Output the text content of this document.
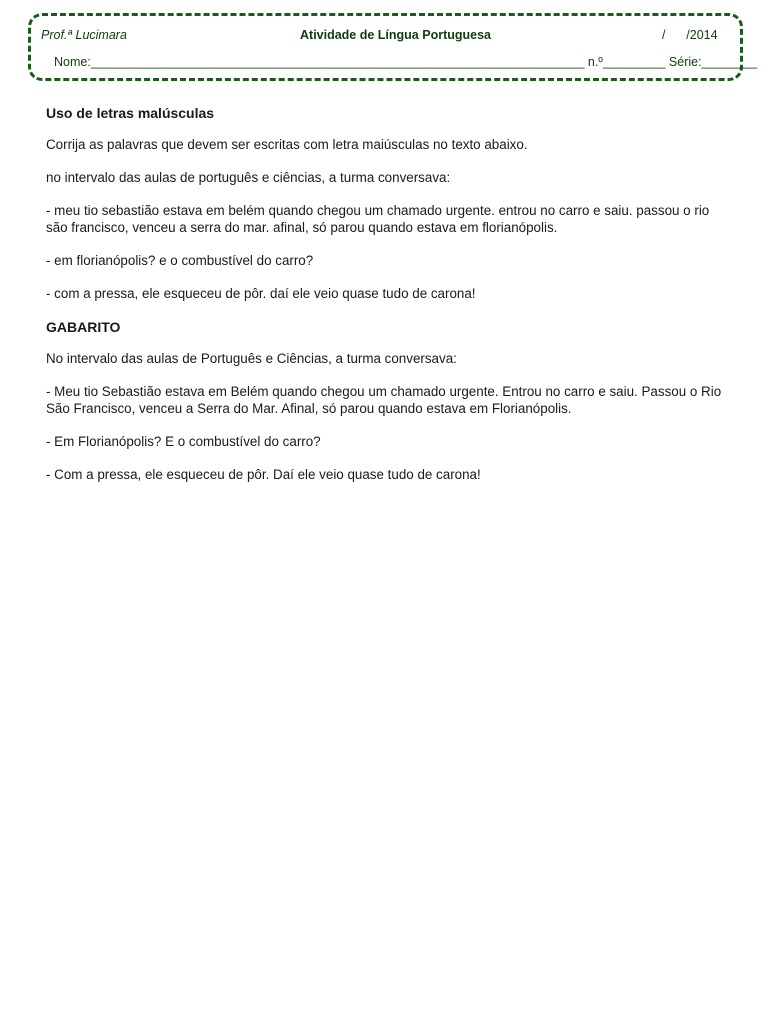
Prof.ª Lucimara	Atividade de Língua Portuguesa	/      /2014
Nome:_______________________________________________________________________ n.º_________ Série:________
Uso de letras malúsculas

Corrija as palavras que devem ser escritas com letra maiúsculas no texto abaixo.

no intervalo das aulas de português e ciências, a turma conversava:

- meu tio sebastião estava em belém quando chegou um chamado urgente. entrou no carro e saiu. passou o rio são francisco, venceu a serra do mar. afinal, só parou quando estava em florianópolis.

- em florianópolis? e o combustível do carro?

- com a pressa, ele esqueceu de pôr. daí ele veio quase tudo de carona!

GABARITO

No intervalo das aulas de Português e Ciências, a turma conversava:

- Meu tio Sebastião estava em Belém quando chegou um chamado urgente. Entrou no carro e saiu. Passou o Rio São Francisco, venceu a Serra do Mar. Afinal, só parou quando estava em Florianópolis.

- Em Florianópolis? E o combustível do carro?

- Com a pressa, ele esqueceu de pôr. Daí ele veio quase tudo de carona!
